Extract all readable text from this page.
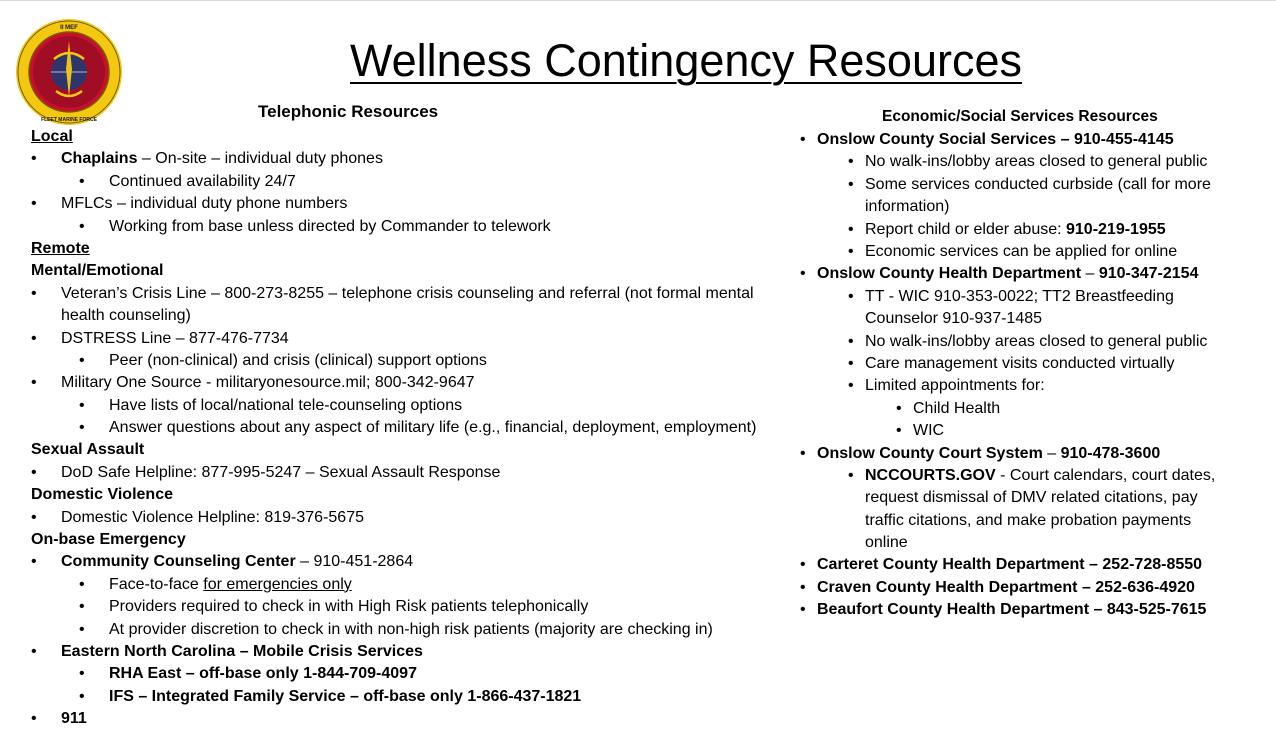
II MEF
FLEET MARINE FORCE
Wellness Contingency Resources
Telephonic Resources	Economic/Social Services Resources
Local
•	Chaplains – On-site – individual duty phones
•	Continued availability 24/7
•	MFLCs – individual duty phone numbers
•	Working from base unless directed by Commander to telework
Remote
Mental/Emotional
•	Veteran’s Crisis Line – 800-273-8255 – telephone crisis counseling and referral (not formal mental
health counseling)
•	DSTRESS Line – 877-476-7734
•	Peer (non-clinical) and crisis (clinical) support options
•	Military One Source - militaryonesource.mil; 800-342-9647
•	Have lists of local/national tele-counseling options
•	Answer questions about any aspect of military life (e.g., financial, deployment, employment)
Sexual Assault
•	DoD Safe Helpline: 877-995-5247 – Sexual Assault Response
Domestic Violence
•	Domestic Violence Helpline: 819-376-5675
On-base Emergency
•	Community Counseling Center – 910-451-2864
•	Face-to-face for emergencies only
•	Providers required to check in with High Risk patients telephonically
•	At provider discretion to check in with non-high risk patients (majority are checking in)
•	Eastern North Carolina – Mobile Crisis Services
•	RHA East – off-base only 1-844-709-4097
•	IFS – Integrated Family Service – off-base only 1-866-437-1821
•	911
• Onslow County Social Services – 910-455-4145
• No walk-ins/lobby areas closed to general public
• Some services conducted curbside (call for more information)
• Report child or elder abuse: 910-219-1955
• Economic services can be applied for online
• Onslow County Health Department – 910-347-2154
• TT - WIC 910-353-0022; TT2 Breastfeeding Counselor 910-937-1485
• No walk-ins/lobby areas closed to general public
• Care management visits conducted virtually
• Limited appointments for:
• Child Health
• WIC
• Onslow County Court System – 910-478-3600
• NCCOURTS.GOV - Court calendars, court dates, request dismissal of DMV related citations, pay traffic citations, and make probation payments online
• Carteret County Health Department – 252-728-8550
• Craven County Health Department – 252-636-4920
• Beaufort County Health Department – 843-525-7615
